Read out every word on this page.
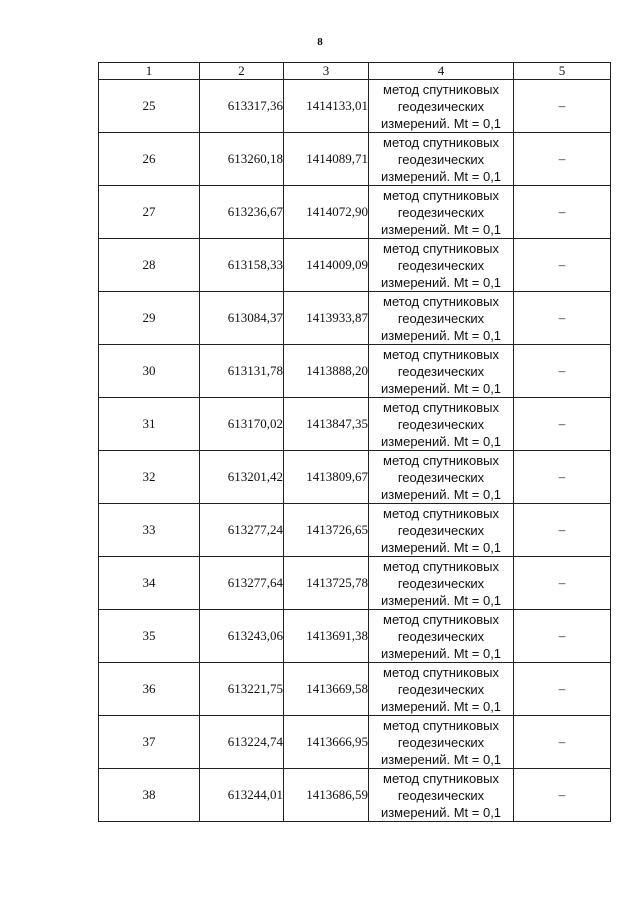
8
1	2	3	4	5
25	613317,36	1414133,01	метод спутниковых
геодезических
измерений. Mt = 0,1	–
26	613260,18	1414089,71	метод спутниковых
геодезических
измерений. Mt = 0,1	–
27	613236,67	1414072,90	метод спутниковых
геодезических
измерений. Mt = 0,1	–
28	613158,33	1414009,09	метод спутниковых
геодезических
измерений. Mt = 0,1	–
29	613084,37	1413933,87	метод спутниковых
геодезических
измерений. Mt = 0,1	–
30	613131,78	1413888,20	метод спутниковых
геодезических
измерений. Mt = 0,1	–
31	613170,02	1413847,35	метод спутниковых
геодезических
измерений. Mt = 0,1	–
32	613201,42	1413809,67	метод спутниковых
геодезических
измерений. Mt = 0,1	–
33	613277,24	1413726,65	метод спутниковых
геодезических
измерений. Mt = 0,1	–
34	613277,64	1413725,78	метод спутниковых
геодезических
измерений. Mt = 0,1	–
35	613243,06	1413691,38	метод спутниковых
геодезических
измерений. Mt = 0,1	–
36	613221,75	1413669,58	метод спутниковых
геодезических
измерений. Mt = 0,1	–
37	613224,74	1413666,95	метод спутниковых
геодезических
измерений. Mt = 0,1	–
38	613244,01	1413686,59	метод спутниковых
геодезических
измерений. Mt = 0,1	–
